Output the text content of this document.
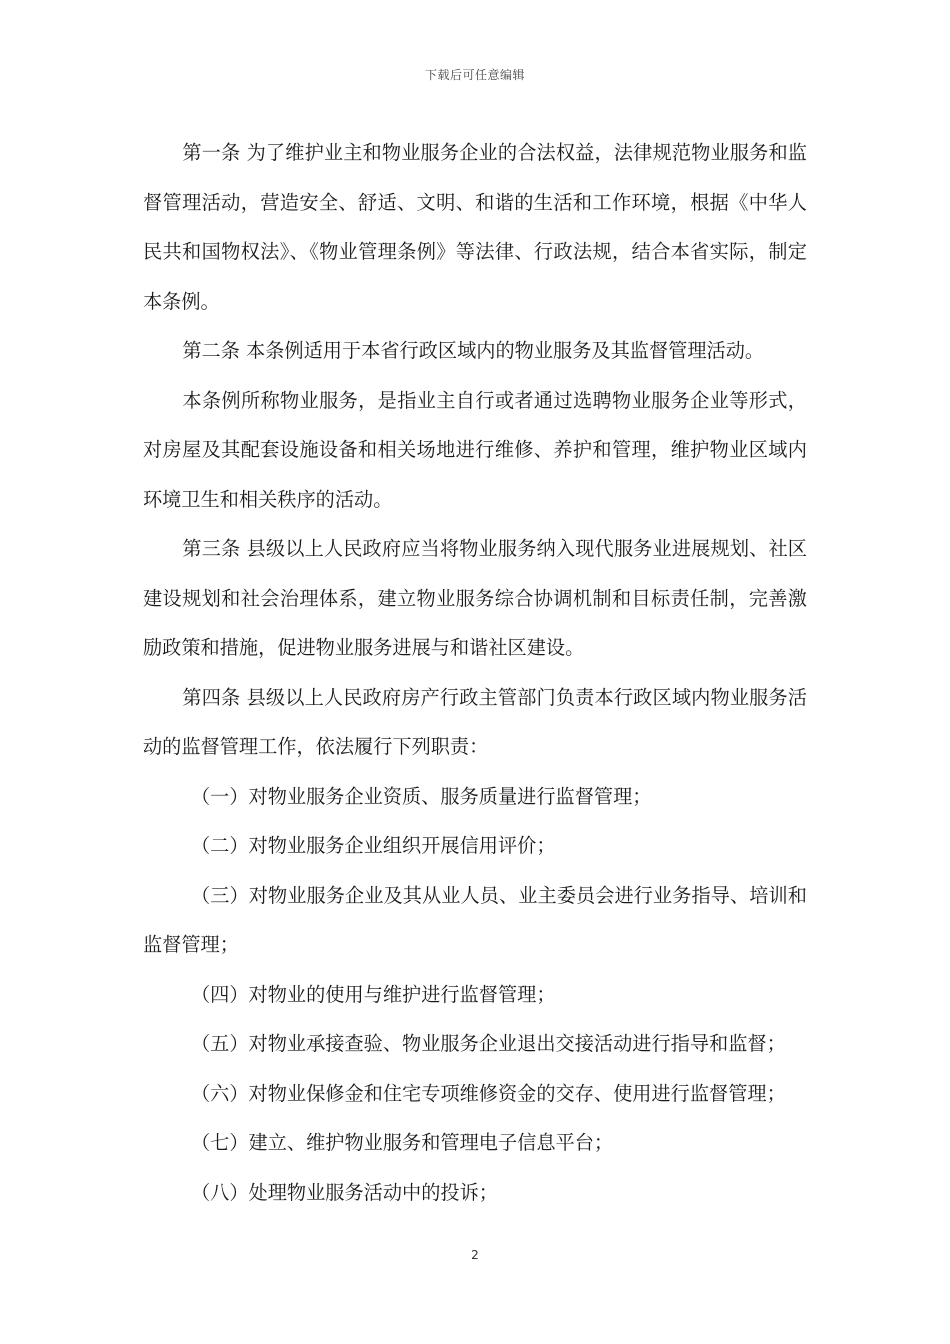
下载后可任意编辑

第一条 为了维护业主和物业服务企业的合法权益，法律规范物业服务和监督管理活动，营造安全、舒适、文明、和谐的生活和工作环境，根据《中华人民共和国物权法》、《物业管理条例》等法律、行政法规，结合本省实际，制定本条例。

第二条 本条例适用于本省行政区域内的物业服务及其监督管理活动。

本条例所称物业服务，是指业主自行或者通过选聘物业服务企业等形式，对房屋及其配套设施设备和相关场地进行维修、养护和管理，维护物业区域内环境卫生和相关秩序的活动。

第三条 县级以上人民政府应当将物业服务纳入现代服务业进展规划、社区建设规划和社会治理体系，建立物业服务综合协调机制和目标责任制，完善激励政策和措施，促进物业服务进展与和谐社区建设。

第四条 县级以上人民政府房产行政主管部门负责本行政区域内物业服务活动的监督管理工作，依法履行下列职责：

（一）对物业服务企业资质、服务质量进行监督管理；

（二）对物业服务企业组织开展信用评价；

（三）对物业服务企业及其从业人员、业主委员会进行业务指导、培训和监督管理；

（四）对物业的使用与维护进行监督管理；

（五）对物业承接查验、物业服务企业退出交接活动进行指导和监督；

（六）对物业保修金和住宅专项维修资金的交存、使用进行监督管理；

（七）建立、维护物业服务和管理电子信息平台；

（八）处理物业服务活动中的投诉；

2
